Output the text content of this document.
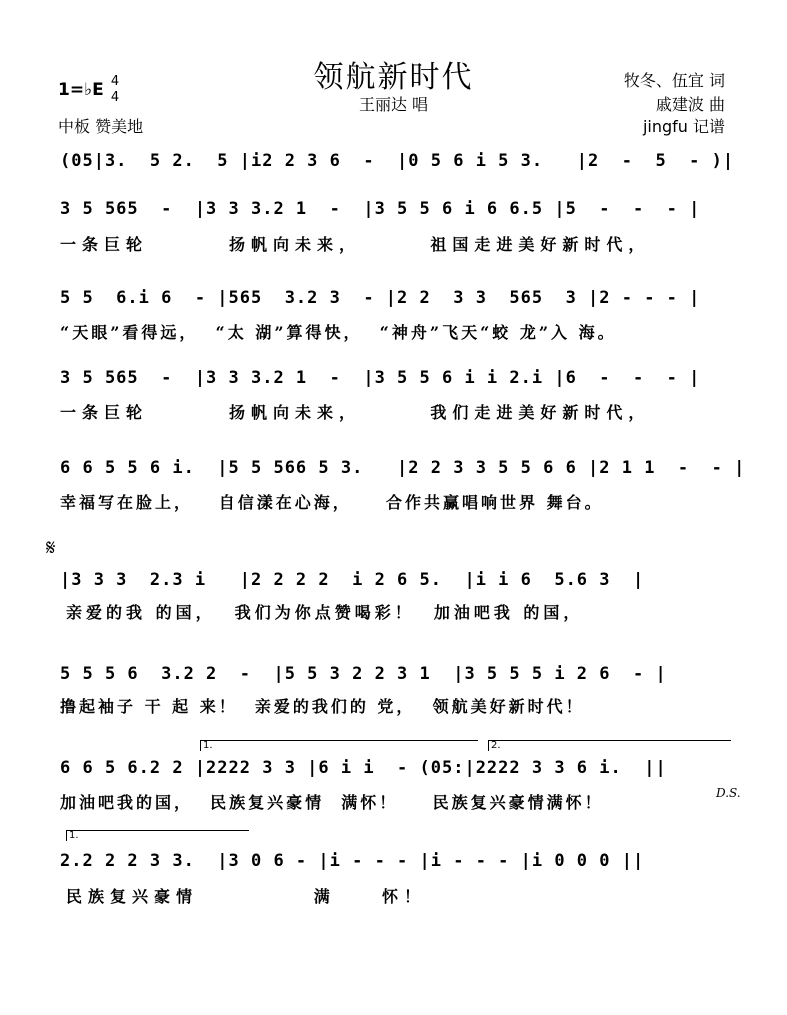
领航新时代
王丽达 唱
1=♭E 4
4
中板 赞美地
牧冬、伍宜 词
戚建波 曲
jingfu 记谱
(05|3.  5 2.  5 |i2 2 3 6  -  |0 5 6 i 5 3.   |2  -  5  - )|
3 5 565  -  |3 3 3.2 1  -  |3 5 5 6 i 6 6.5 |5  -  -  - |
一条巨轮       扬帆向未来，      祖国走进美好新时代，
5 5  6.i 6  - |565  3.2 3  - |2 2  3 3  565  3 |2 - - - |
“天眼”看得远，  “太 湖”算得快，  “神舟”飞天“蛟 龙”入 海。
3 5 565  -  |3 3 3.2 1  -  |3 5 5 6 i i 2.i |6  -  -  - |
一条巨轮       扬帆向未来，      我们走进美好新时代，
6 6 5 5 6 i.  |5 5 566 5 3.   |2 2 3 3 5 5 6 6 |2 1 1  -  - |
幸福写在脸上，   自信漾在心海，    合作共赢唱响世界 舞台。
𝄋
|3 3 3  2.3 i   |2 2 2 2  i 2 6 5.  |i i 6  5.6 3  |
亲爱的我 的国，  我们为你点赞喝彩！  加油吧我 的国，
5 5 5 6  3.2 2  -  |5 5 3 2 2 3 1  |3 5 5 5 i 2 6  - |
撸起袖子 干 起 来！  亲爱的我们的 党，  领航美好新时代！
1.	2.
6 6 5 6.2 2 |2222 3 3 |6 i i  - (05:|2222 3 3 6 i.  ||
加油吧我的国，  民族复兴豪情  满怀！    民族复兴豪情满怀！	D.S.
1.
2.2 2 2 3 3.  |3 0 6 - |i - - - |i - - - |i 0 0 0 ||
民族复兴豪情          满    怀！
